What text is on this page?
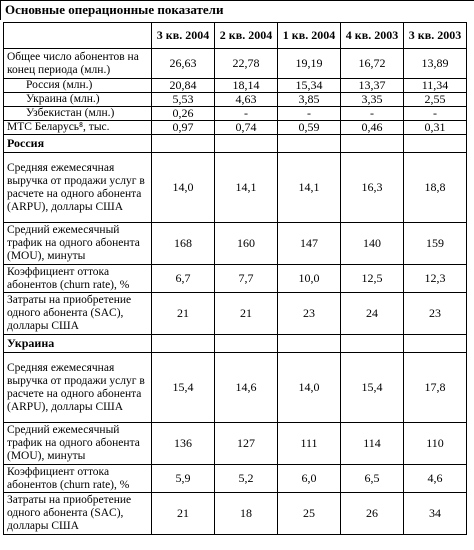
Основные операционные показатели
	3 кв. 2004	2 кв. 2004	1 кв. 2004	4 кв. 2003	3 кв. 2003
Общее число абонентов на конец периода (млн.)	26,63	22,78	19,19	16,72	13,89
Россия (млн.)	20,84	18,14	15,34	13,37	11,34
Украина (млн.)	5,53	4,63	3,85	3,35	2,55
Узбекистан (млн.)	0,26	-	-	-	-
МТС Беларусь⁸, тыс.	0,97	0,74	0,59	0,46	0,31
Россия					
Средняя ежемесячная выручка от продажи услуг в расчете на одного абонента (ARPU), доллары США	14,0	14,1	14,1	16,3	18,8
Средний ежемесячный трафик на одного абонента (MOU), минуты	168	160	147	140	159
Коэффициент оттока абонентов (churn rate), %	6,7	7,7	10,0	12,5	12,3
Затраты на приобретение одного абонента (SAC), доллары США	21	21	23	24	23
Украина					
Средняя ежемесячная выручка от продажи услуг в расчете на одного абонента (ARPU), доллары США	15,4	14,6	14,0	15,4	17,8
Средний ежемесячный трафик на одного абонента (MOU), минуты	136	127	111	114	110
Коэффициент оттока абонентов (churn rate), %	5,9	5,2	6,0	6,5	4,6
Затраты на приобретение одного абонента (SAC), доллары США	21	18	25	26	34
